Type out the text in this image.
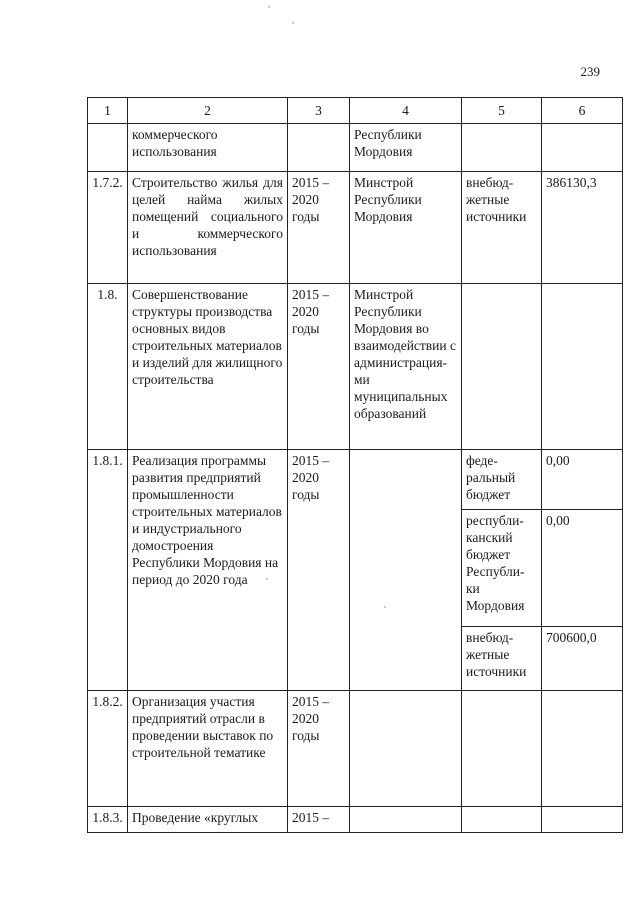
239
1	2	3	4	5	6
	коммерческого использования		Республики Мордовия		
1.7.2.	Строительство жилья для целей найма жилых помещений социального и коммерческого использования	2015 – 2020 годы	Минстрой Республики Мордовия	внебюд-жетные источники	386130,3
1.8.	Совершенствование структуры производства основных видов строительных материалов и изделий для жилищного строительства	2015 – 2020 годы	Минстрой Республики Мордовия во взаимодействии с администрация-ми муниципальных образований		
1.8.1.	Реализация программы развития предприятий промышленности строительных материалов и индустриального домостроения Республики Мордовия на период до 2020 года	2015 – 2020 годы		феде-ральный бюджет	0,00
				республи-канский бюджет Республи-ки Мордовия	0,00
				внебюд-жетные источники	700600,0
1.8.2.	Организация участия предприятий отрасли в проведении выставок по строительной тематике	2015 – 2020 годы			
1.8.3.	Проведение «круглых	2015 –			
